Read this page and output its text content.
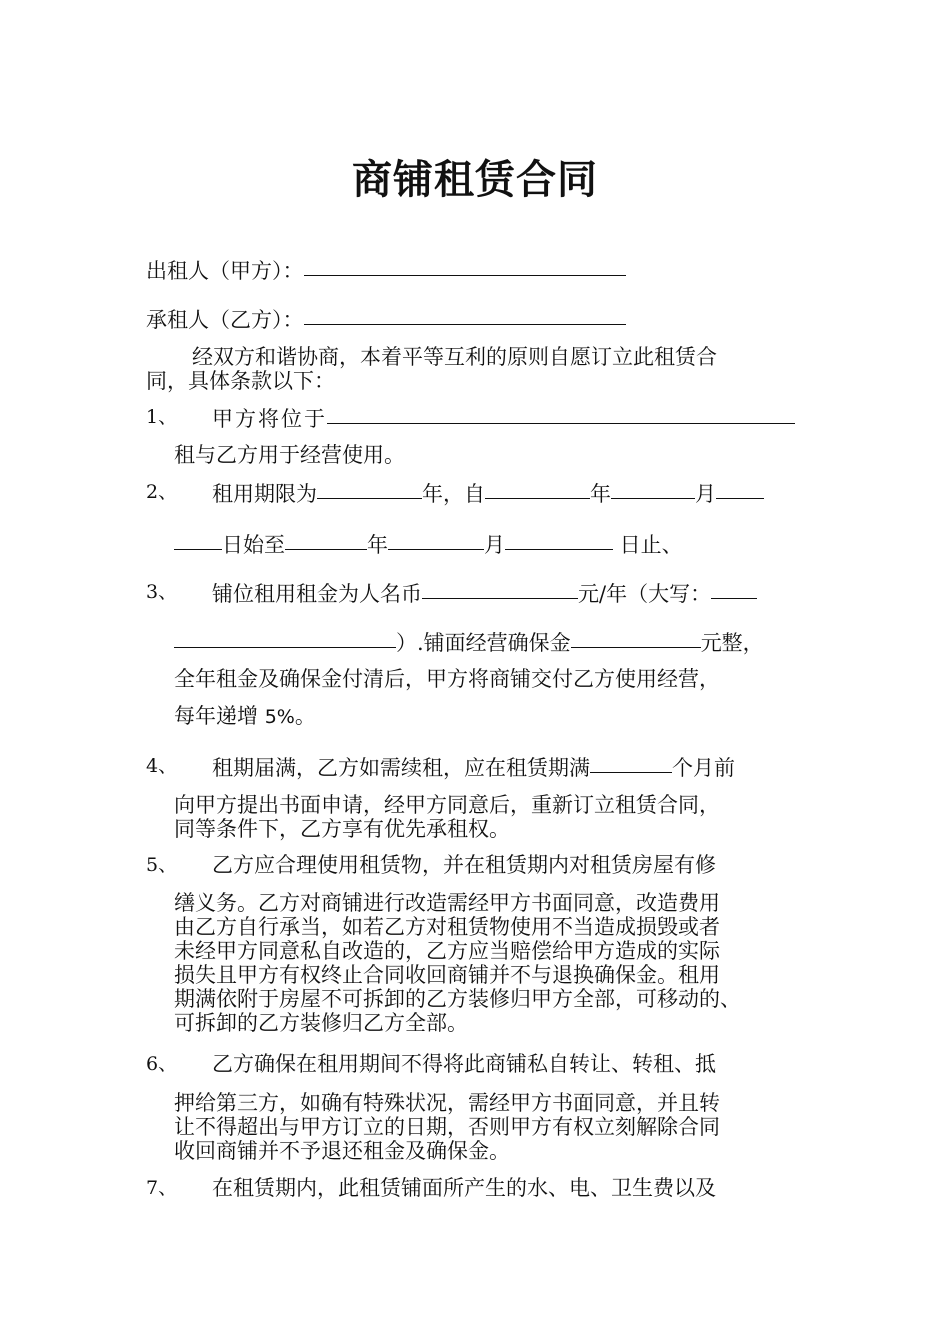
商铺租赁合同
出租人（甲方）：
承租人（乙方）：
经双方和谐协商，本着平等互利的原则自愿订立此租赁合
同，具体条款以下：
1、 甲方将位于
租与乙方用于经营使用。
2、 租用期限为	年，自	年	月
日始至	年	月	日止、
3、 铺位租用租金为人名币	元/年（大写：
）.铺面经营确保金	元整，
全年租金及确保金付清后，甲方将商铺交付乙方使用经营，
每年递增 5%。
4、 租期届满，乙方如需续租，应在租赁期满	个月前
向甲方提出书面申请，经甲方同意后，重新订立租赁合同，
同等条件下，乙方享有优先承租权。
5、 乙方应合理使用租赁物，并在租赁期内对租赁房屋有修
缮义务。乙方对商铺进行改造需经甲方书面同意，改造费用
由乙方自行承当，如若乙方对租赁物使用不当造成损毁或者
未经甲方同意私自改造的，乙方应当赔偿给甲方造成的实际
损失且甲方有权终止合同收回商铺并不与退换确保金。租用
期满依附于房屋不可拆卸的乙方装修归甲方全部，可移动的、
可拆卸的乙方装修归乙方全部。
6、 乙方确保在租用期间不得将此商铺私自转让、转租、抵
押给第三方，如确有特殊状况，需经甲方书面同意，并且转
让不得超出与甲方订立的日期，否则甲方有权立刻解除合同
收回商铺并不予退还租金及确保金。
7、 在租赁期内，此租赁铺面所产生的水、电、卫生费以及
